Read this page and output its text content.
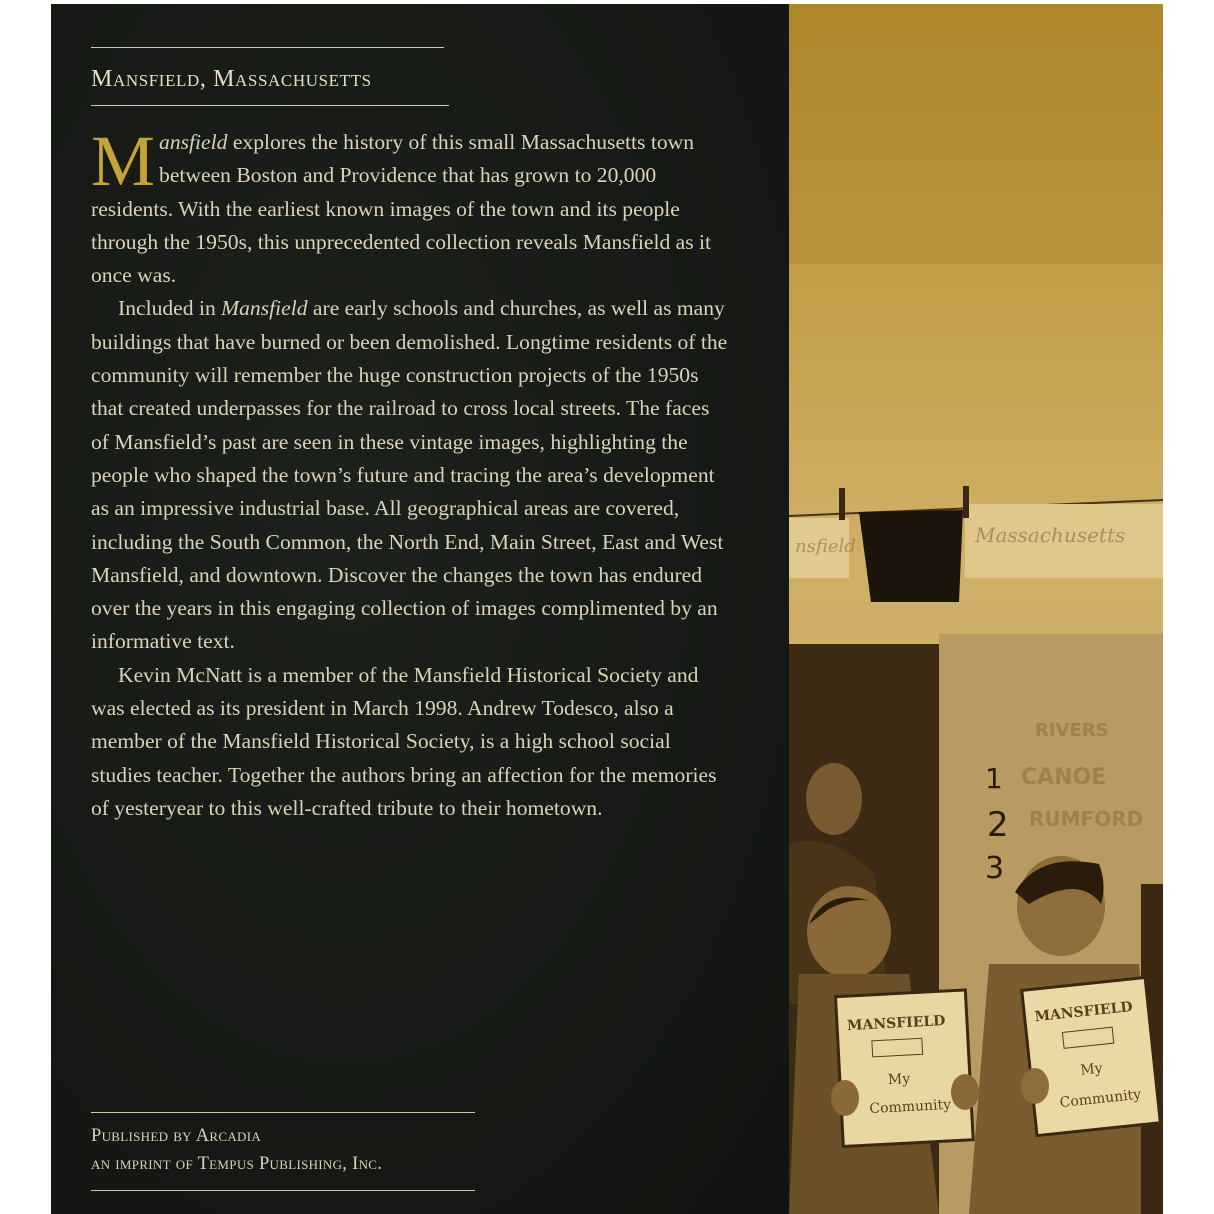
Mansfield, Massachusetts

Mansfield explores the history of this small Massachusetts town between Boston and Providence that has grown to 20,000 residents. With the earliest known images of the town and its people through the 1950s, this unprecedented collection reveals Mansfield as it once was.

Included in Mansfield are early schools and churches, as well as many buildings that have burned or been demolished. Longtime residents of the community will remember the huge construction projects of the 1950s that created underpasses for the railroad to cross local streets. The faces of Mansfield’s past are seen in these vintage images, highlighting the people who shaped the town’s future and tracing the area’s development as an impressive industrial base. All geographical areas are covered, including the South Common, the North End, Main Street, East and West Mansfield, and downtown. Discover the changes the town has endured over the years in this engaging collection of images complimented by an informative text.

Kevin McNatt is a member of the Mansfield Historical Society and was elected as its president in March 1998. Andrew Todesco, also a member of the Mansfield Historical Society, is a high school social studies teacher. Together the authors bring an affection for the memories of yesteryear to this well-crafted tribute to their hometown.

Published by Arcadia
an imprint of Tempus Publishing, Inc.
nsfield	Massachusetts
RIVERS
CANOE
RUMFORD
1
2
3
MANSFIELD
My
Community
MANSFIELD
My
Community
